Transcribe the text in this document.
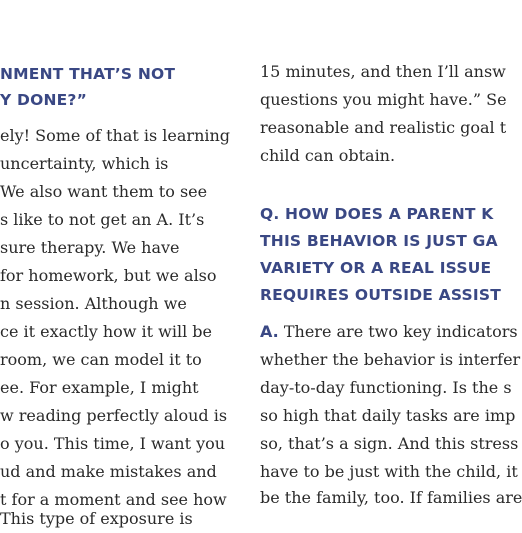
NMENT THAT’S NOT
Y DONE?”
ely! Some of that is learning
uncertainty, which is
We also want them to see
s like to not get an A. It’s
sure therapy. We have
for homework, but we also
n session. Although we
ce it exactly how it will be
room, we can model it to
ee. For example, I might
w reading perfectly aloud is
o you. This time, I want you
ud and make mistakes and
t for a moment and see how
This type of exposure is
15 minutes, and then I’ll answ
questions you might have.” Se
reasonable and realistic goal t
child can obtain.
Q. HOW DOES A PARENT K
THIS BEHAVIOR IS JUST GA
VARIETY OR A REAL ISSUE
REQUIRES OUTSIDE ASSIST
A. There are two key indicators
whether the behavior is interfer
day-to-day functioning. Is the s
so high that daily tasks are imp
so, that’s a sign. And this stress
have to be just with the child, it
be the family, too. If families are
